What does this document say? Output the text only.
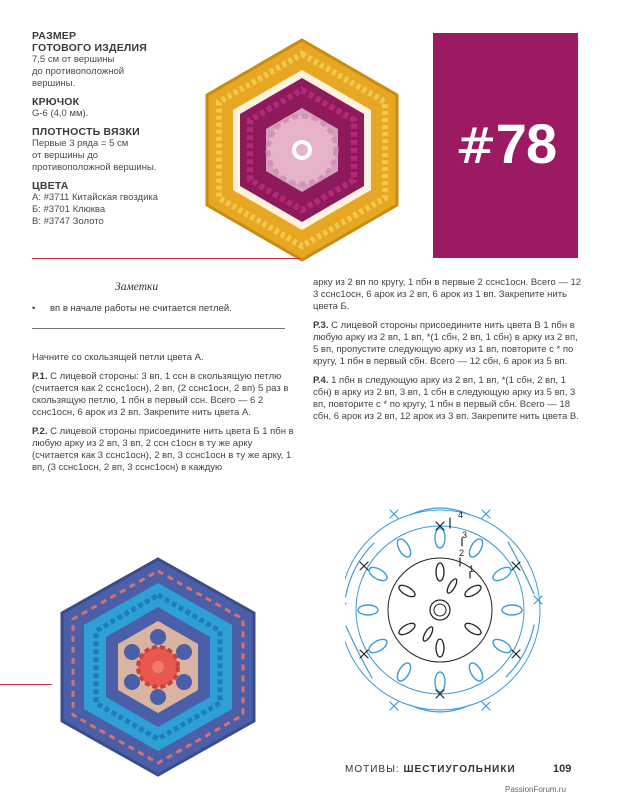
РАЗМЕР
ГОТОВОГО ИЗДЕЛИЯ
7,5 см от вершины
до противоположной
вершины.
КРЮЧОК
G-6 (4,0 мм).
ПЛОТНОСТЬ ВЯЗКИ
Первые 3 ряда = 5 см
от вершины до
противоположной вершины.
ЦВЕТА
А: #3711 Китайская гвоздика
Б: #3701 Клюква
В: #3747 Золото
#78
Заметки
• вп в начале работы не считается петлей.
Начните со скользящей петли цвета А.
Р.1. С лицевой стороны: 3 вп, 1 ссн в скользящую петлю (считается как 2 сснс1осн), 2 вп, (2 сснс1осн, 2 вп) 5 раз в скользящую петлю, 1 пбн в первый ссн. Всего — 6 2 сснс1осн, 6 арок из 2 вп. Закрепите нить цвета А.
Р.2. С лицевой стороны присоедините нить цвета Б 1 пбн в любую арку из 2 вп, 3 вп, 2 ссн с1осн в ту же арку (считается как 3 сснс1осн), 2 вп, 3 сснс1осн в ту же арку, 1 вп, (3 сснс1осн, 2 вп, 3 сснс1осн) в каждую
арку из 2 вп по кругу, 1 пбн в первые 2 сснс1осн. Всего — 12 3 сснс1осн, 6 арок из 2 вп, 6 арок из 1 вп. Закрепите нить цвета Б.
Р.3. С лицевой стороны присоедините нить цвета В 1 пбн в любую арку из 2 вп, 1 вп, *(1 сбн, 2 вп, 1 сбн) в арку из 2 вп, 5 вп, пропустите следующую арку из 1 вп, повторите с * по кругу, 1 пбн в первый сбн. Всего — 12 сбн, 6 арок из 5 вп.
Р.4. 1 пбн в следующую арку из 2 вп, 1 вп, *(1 сбн, 2 вп, 1 сбн) в арку из 2 вп, 3 вп, 1 сбн в следующую арку из 5 вп, 3 вп, повторите с * по кругу, 1 пбн в первый сбн. Всего — 18 сбн, 6 арок из 2 вп, 12 арок из 3 вп. Закрепите нить цвета В.
4
3
2
1
МОТИВЫ: ШЕСТИУГОЛЬНИКИ	109
PassionForum.ru
